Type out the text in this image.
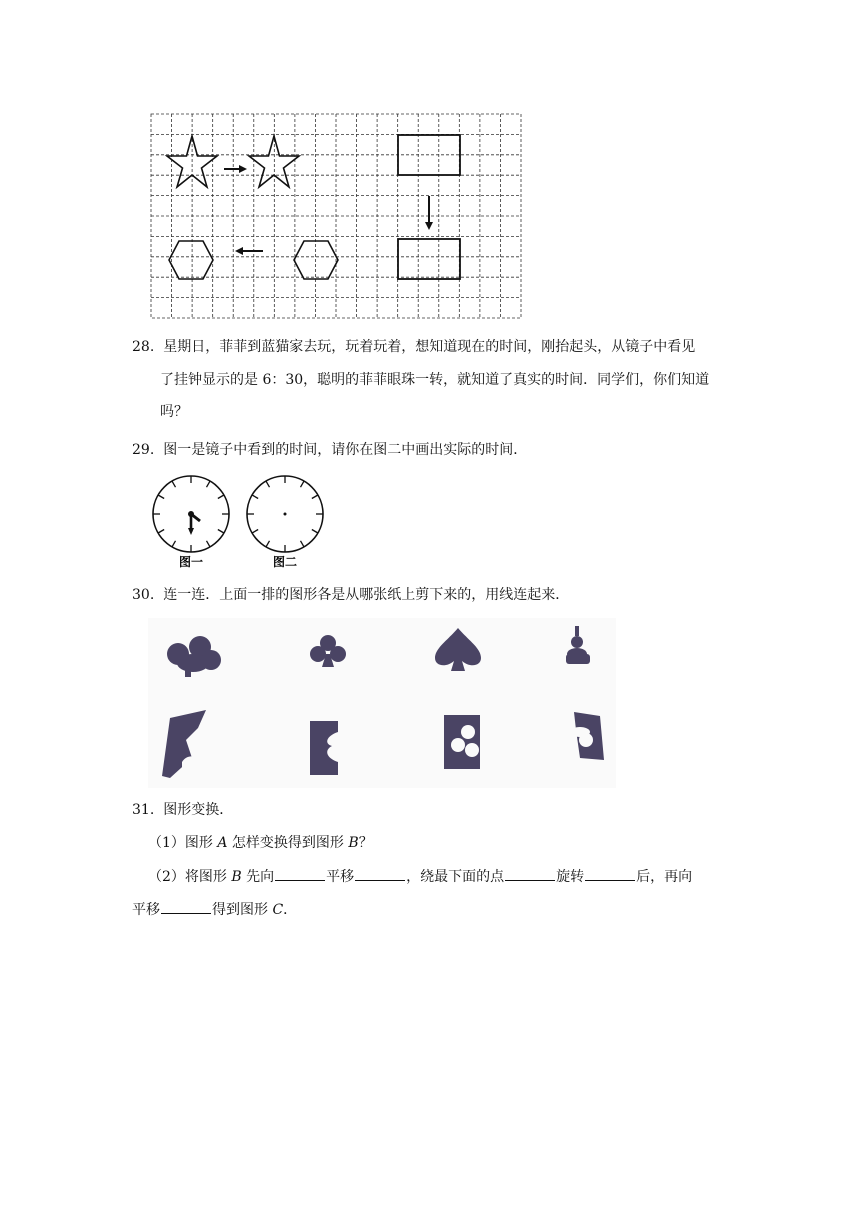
28. 星期日，菲菲到蓝猫家去玩，玩着玩着，想知道现在的时间，刚抬起头，从镜子中看见
了挂钟显示的是 6：30，聪明的菲菲眼珠一转，就知道了真实的时间．同学们，你们知道
吗？
29. 图一是镜子中看到的时间，请你在图二中画出实际的时间．
图一	图二
30. 连一连．上面一排的图形各是从哪张纸上剪下来的，用线连起来．
31. 图形变换．
（1）图形 A 怎样变换得到图形 B？
（2）将图形 B 先向	平移	，绕最下面的点	旋转	后，再向
平移	得到图形 C．
